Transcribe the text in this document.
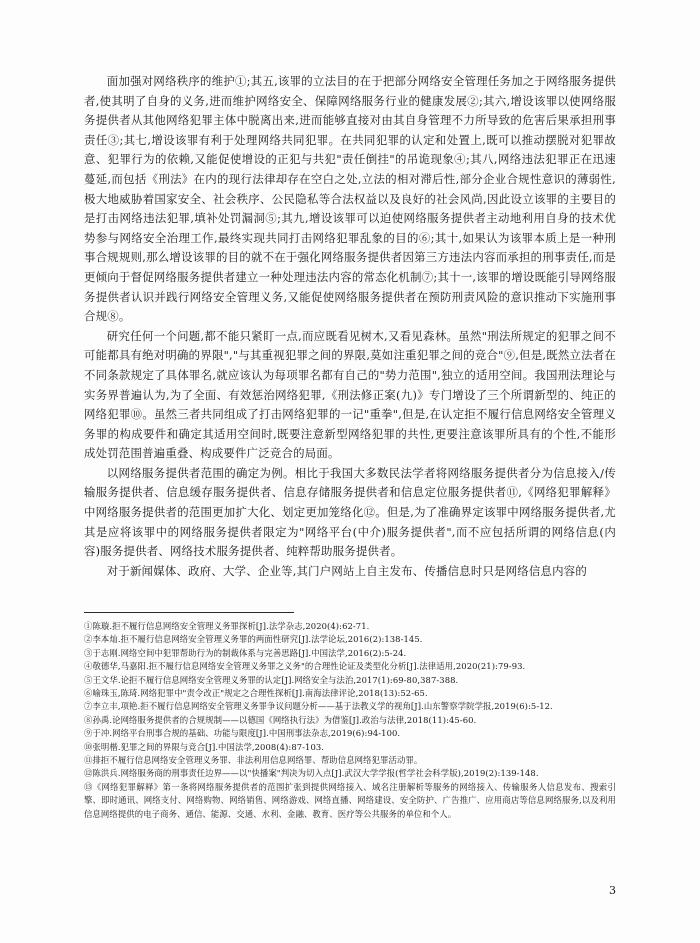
面加强对网络秩序的维护①;其五,该罪的立法目的在于把部分网络安全管理任务加之于网络服务提供者,使其明了自身的义务,进而维护网络安全、保障网络服务行业的健康发展②;其六,增设该罪以使网络服务提供者从其他网络犯罪主体中脱离出来,进而能够直接对由其自身管理不力所导致的危害后果承担刑事责任③;其七,增设该罪有利于处理网络共同犯罪。在共同犯罪的认定和处置上,既可以推动摆脱对犯罪故意、犯罪行为的依赖,又能促使增设的正犯与共犯"责任倒挂"的吊诡现象④;其八,网络违法犯罪正在迅速蔓延,而包括《刑法》在内的现行法律却存在空白之处,立法的相对滞后性,部分企业合规性意识的薄弱性,极大地威胁着国家安全、社会秩序、公民隐私等合法权益以及良好的社会风尚,因此设立该罪的主要目的是打击网络违法犯罪,填补处罚漏洞⑤;其九,增设该罪可以迫使网络服务提供者主动地利用自身的技术优势参与网络安全治理工作,最终实现共同打击网络犯罪乱象的目的⑥;其十,如果认为该罪本质上是一种刑事合规规则,那么增设该罪的目的就不在于强化网络服务提供者因第三方违法内容而承担的刑事责任,而是更倾向于督促网络服务提供者建立一种处理违法内容的常态化机制⑦;其十一,该罪的增设既能引导网络服务提供者认识并践行网络安全管理义务,又能促使网络服务提供者在预防刑责风险的意识推动下实施刑事合规⑧。

研究任何一个问题,都不能只紧盯一点,而应既看见树木,又看见森林。虽然"刑法所规定的犯罪之间不可能都具有绝对明确的界限","与其重视犯罪之间的界限,莫如注重犯罪之间的竞合"⑨,但是,既然立法者在不同条款规定了具体罪名,就应该认为每项罪名都有自己的"势力范围",独立的适用空间。我国刑法理论与实务界普遍认为,为了全面、有效惩治网络犯罪,《刑法修正案(九)》专门增设了三个所谓新型的、纯正的网络犯罪⑩。虽然三者共同组成了打击网络犯罪的一记"重拳",但是,在认定拒不履行信息网络安全管理义务罪的构成要件和确定其适用空间时,既要注意新型网络犯罪的共性,更要注意该罪所具有的个性,不能形成处罚范围普遍重叠、构成要件广泛竞合的局面。

以网络服务提供者范围的确定为例。相比于我国大多数民法学者将网络服务提供者分为信息接入/传输服务提供者、信息缓存服务提供者、信息存储服务提供者和信息定位服务提供者⑪,《网络犯罪解释》中网络服务提供者的范围更加扩大化、划定更加笼络化⑫。但是,为了准确界定该罪中网络服务提供者,尤其是应将该罪中的网络服务提供者限定为"网络平台(中介)服务提供者",而不应包括所谓的网络信息(内容)服务提供者、网络技术服务提供者、纯粹帮助服务提供者。

对于新闻媒体、政府、大学、企业等,其门户网站上自主发布、传播信息时只是网络信息内容的

①陈璇.拒不履行信息网络安全管理义务罪探析[J].法学杂志,2020(4):62-71.

②李本灿.拒不履行信息网络安全管理义务罪的两面性研究[J].法学论坛,2016(2):138-145.

③于志刚.网络空间中犯罪帮助行为的制裁体系与完善思路[J].中国法学,2016(2):5-24.

④敬德华,马嘉阳.拒不履行信息网络安全管理义务罪之义务"的合理性论证及类型化分析[J].法律适用,2020(21):79-93.

⑤王文华.论拒不履行信息网络安全管理义务罪的认定[J].网络安全与法治,2017(1):69-80,387-388.

⑥喻珠玉,陈琦.网络犯罪中"责令改正"规定之合理性探析[J].南海法律评论,2018(13):52-65.

⑦李立丰,项艳.拒不履行信息网络安全管理义务罪争议问题分析——基于法教义学的视角[J].山东警察学院学报,2019(6):5-12.

⑧孙禹.论网络服务提供者的合规规制——以德国《网络执行法》为借鉴[J].政治与法律,2018(11):45-60.

⑨于冲.网络平台刑事合规的基础、功能与限度[J].中国刑事法杂志,2019(6):94-100.

⑩张明楷.犯罪之间的界限与竞合[J].中国法学,2008(4):87-103.

⑪排拒不履行信息网络安全管理义务罪、非法利用信息网络罪、帮助信息网络犯罪活动罪。

⑫陈洪兵.网络服务商的刑事责任边界——以"快播案"判决为切入点[J].武汉大学学报(哲学社会科学版),2019(2):139-148.

⑬《网络犯罪解释》第一条将网络服务提供者的范围扩张到提供网络接入、域名注册解析等服务的网络接入、传输服务人信息发布、搜索引擎、即时通讯、网络支付、网络购物、网络销售、网络游戏、网络直播、网络建设、安全防护、广告推广、应用商店等信息网络服务,以及利用信息网络提供的电子商务、通信、能源、交通、水利、金融、教育、医疗等公共服务的单位和个人。

3
